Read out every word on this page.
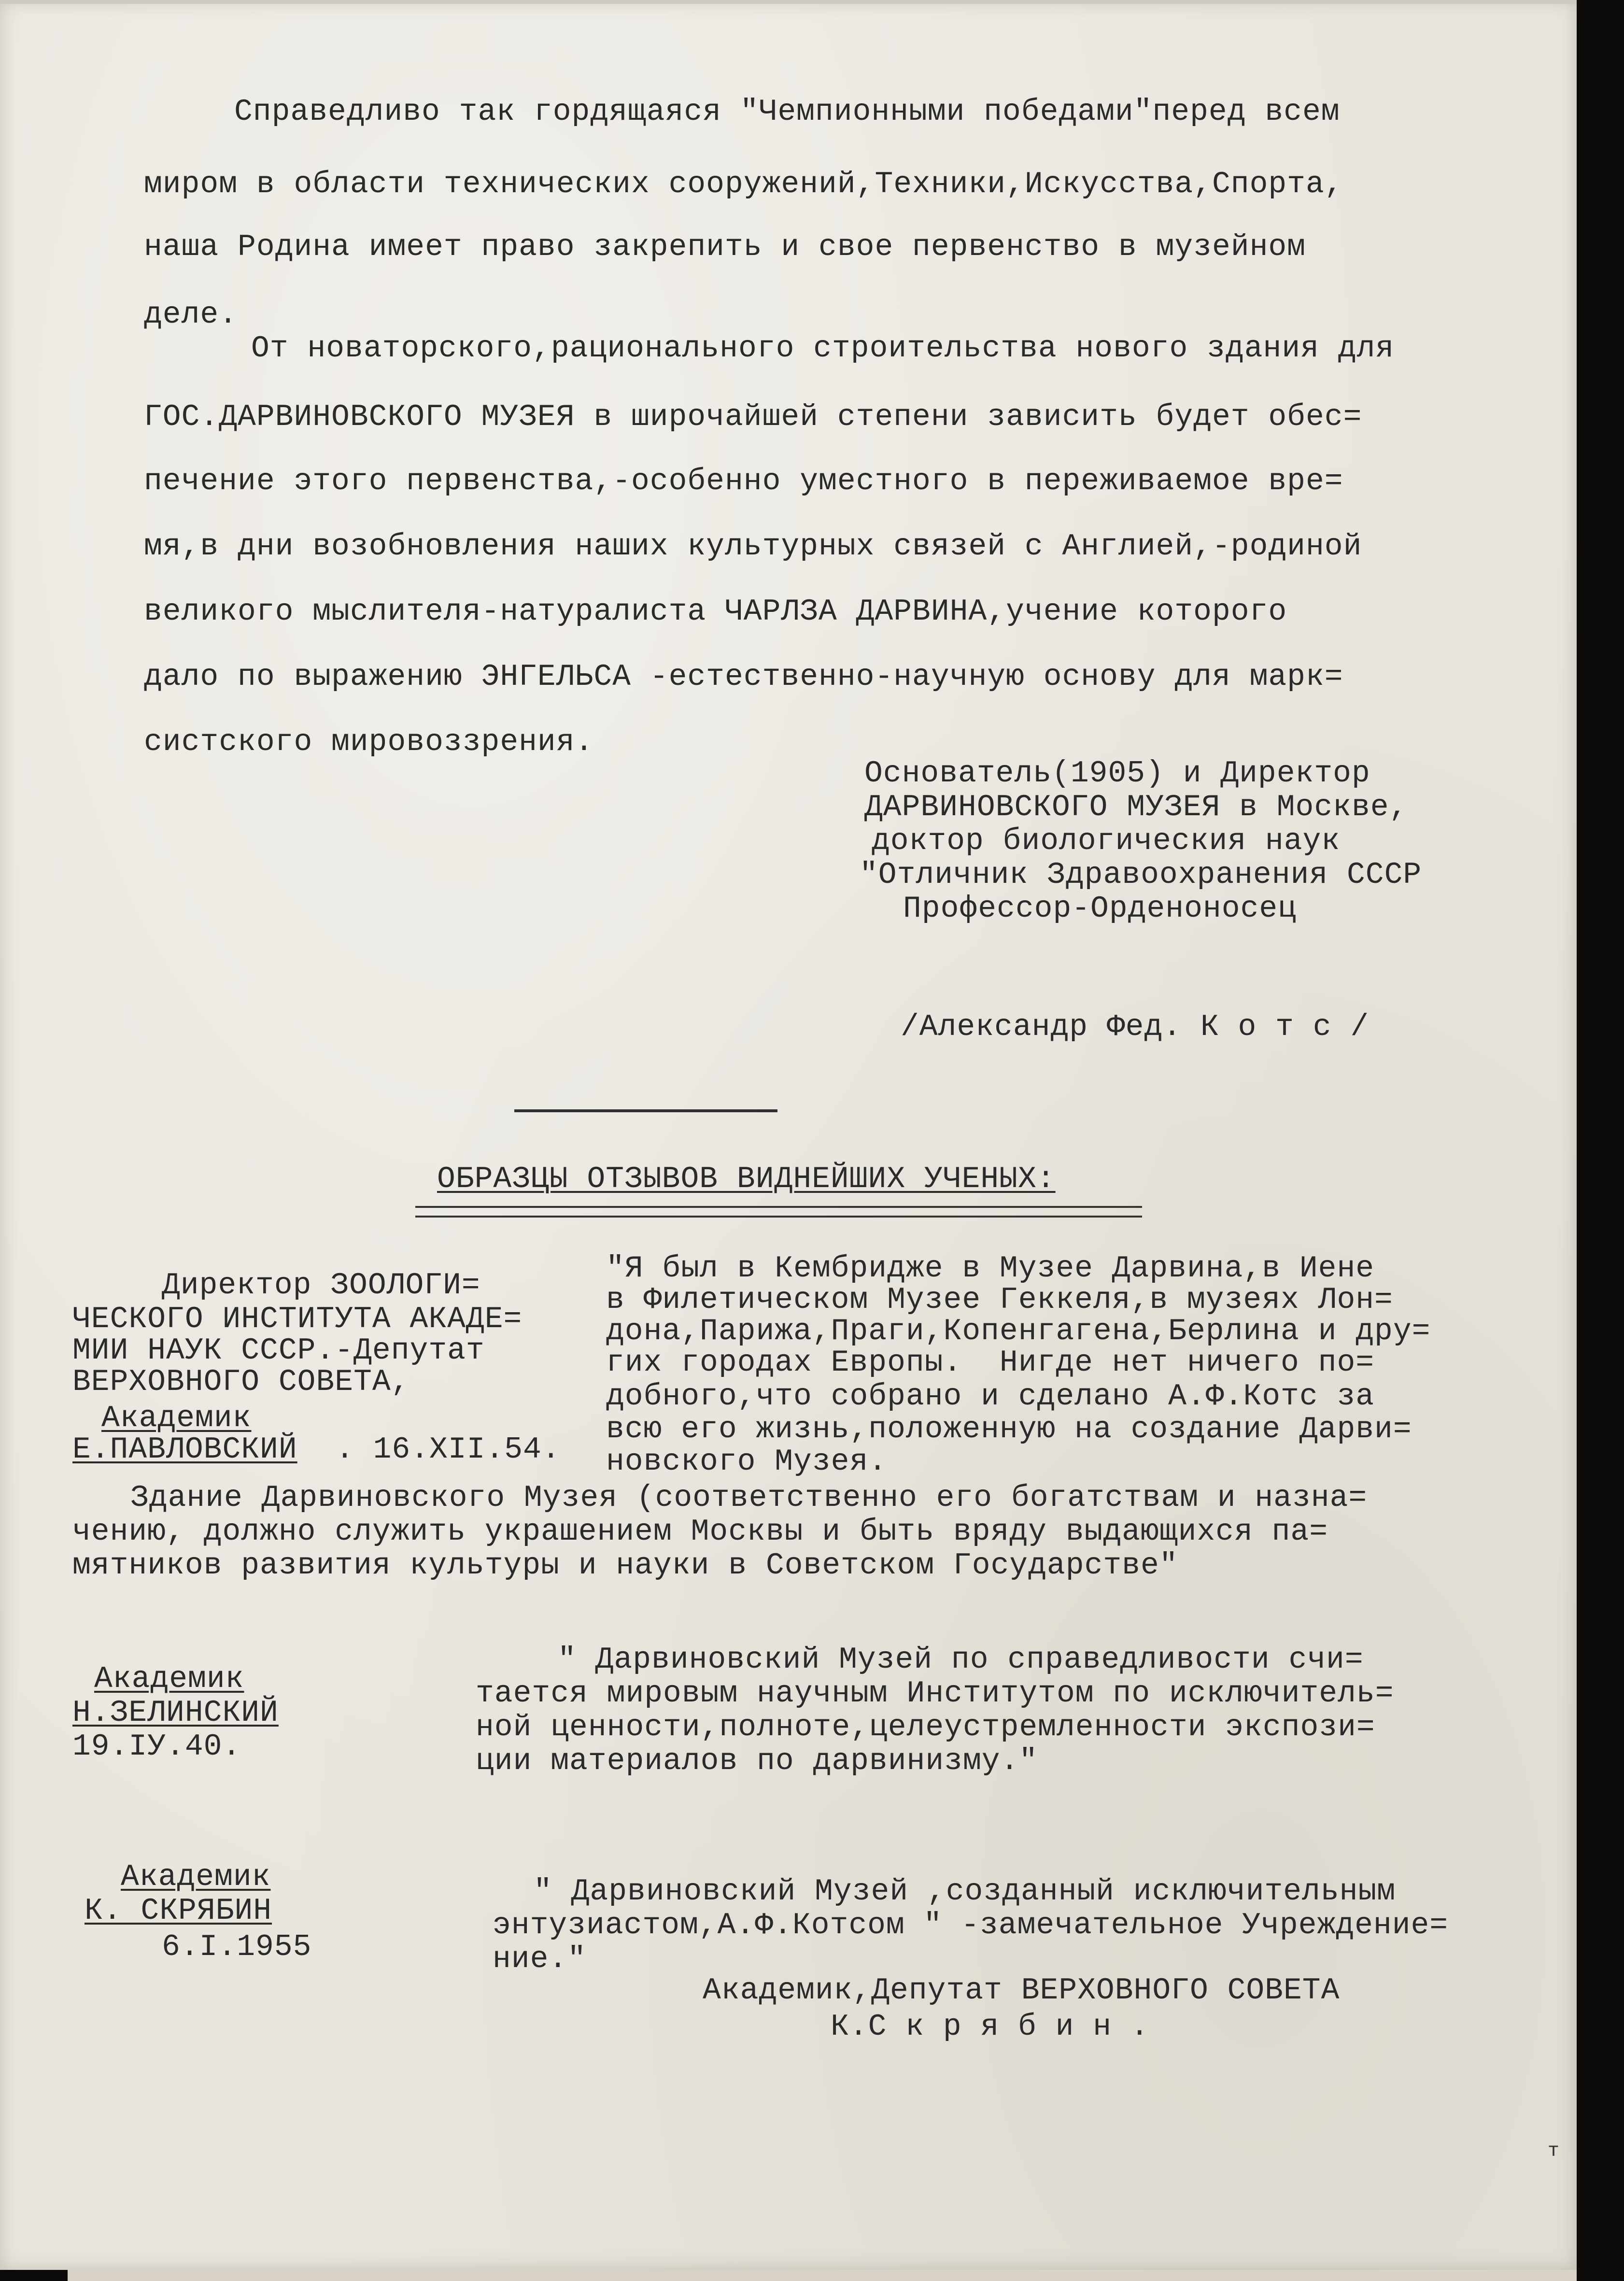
Справедливо так гордящаяся "Чемпионными победами"перед всем
миром в области технических сооружений,Техники,Искусства,Спорта,
наша Родина имеет право закрепить и свое первенство в музейном
деле.
От новаторского,рационального строительства нового здания для
ГОС.ДАРВИНОВСКОГО МУЗЕЯ в широчайшей степени зависить будет обес=
печение этого первенства,-особенно уместного в переживаемое вре=
мя,в дни возобновления наших культурных связей с Англией,-родиной
великого мыслителя-натуралиста ЧАРЛЗА ДАРВИНА,учение которого
дало по выражению ЭНГЕЛЬСА -естественно-научную основу для марк=
систского мировоззрения.
Основатель(1905) и Директор
ДАРВИНОВСКОГО МУЗЕЯ в Москве,
доктор биологическия наук
"Отличник Здравоохранения СССР
Профессор-Орденоносец
/Александр Фед. К о т с /
ОБРАЗЦЫ ОТЗЫВОВ ВИДНЕЙШИХ УЧЕНЫХ:
Директор ЗООЛОГИ=
ЧЕСКОГО ИНСТИТУТА АКАДЕ=
МИИ НАУК СССР.-Депутат
ВЕРХОВНОГО СОВЕТА,
Академик
Е.ПАВЛОВСКИЙ . 16.XII.54.
"Я был в Кембридже в Музее Дарвина,в Иене
в Филетическом Музее Геккеля,в музеях Лон=
дона,Парижа,Праги,Копенгагена,Берлина и дру=
гих городах Европы.  Нигде нет ничего по=
добного,что собрано и сделано А.Ф.Котс за
всю его жизнь,положенную на создание Дарви=
новского Музея.
Здание Дарвиновского Музея (соответственно его богатствам и назна=
чению, должно служить украшением Москвы и быть вряду выдающихся па=
мятников развития культуры и науки в Советском Государстве"
Академик
Н.ЗЕЛИНСКИЙ
19.IУ.40.
" Дарвиновский Музей по справедливости счи=
тается мировым научным Институтом по исключитель=
ной ценности,полноте,целеустремленности экспози=
ции материалов по дарвинизму."
Академик
К. СКРЯБИН
6.I.1955
" Дарвиновский Музей ,созданный исключительным
энтузиастом,А.Ф.Котсом " -замечательное Учреждение=
ние."
Академик,Депутат ВЕРХОВНОГО СОВЕТА
К.С к р я б и н .
т
